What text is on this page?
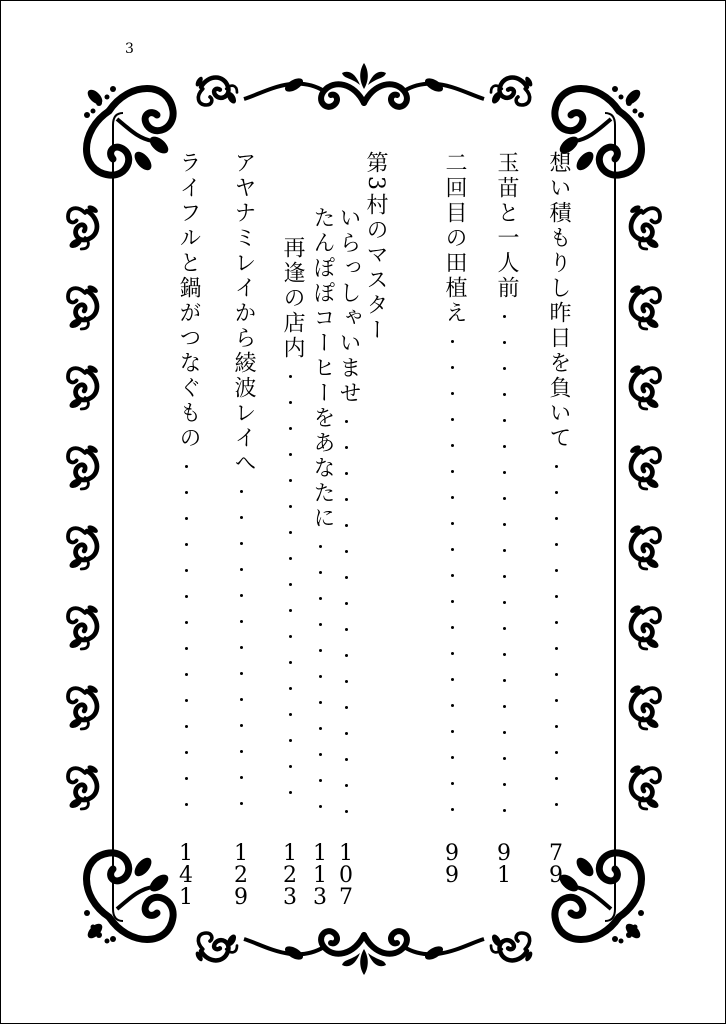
3
想い積もりし昨日を負いて
7
9
玉苗と一人前
9
1
二回目の田植え
9
9
第3村のマスター
いらっしゃいませ
1
0
7
たんぽぽコーヒーをあなたに
1
1
3
再逢の店内
1
2
3
アヤナミレイから綾波レイへ
1
2
9
ライフルと鍋がつなぐもの
1
4
1
